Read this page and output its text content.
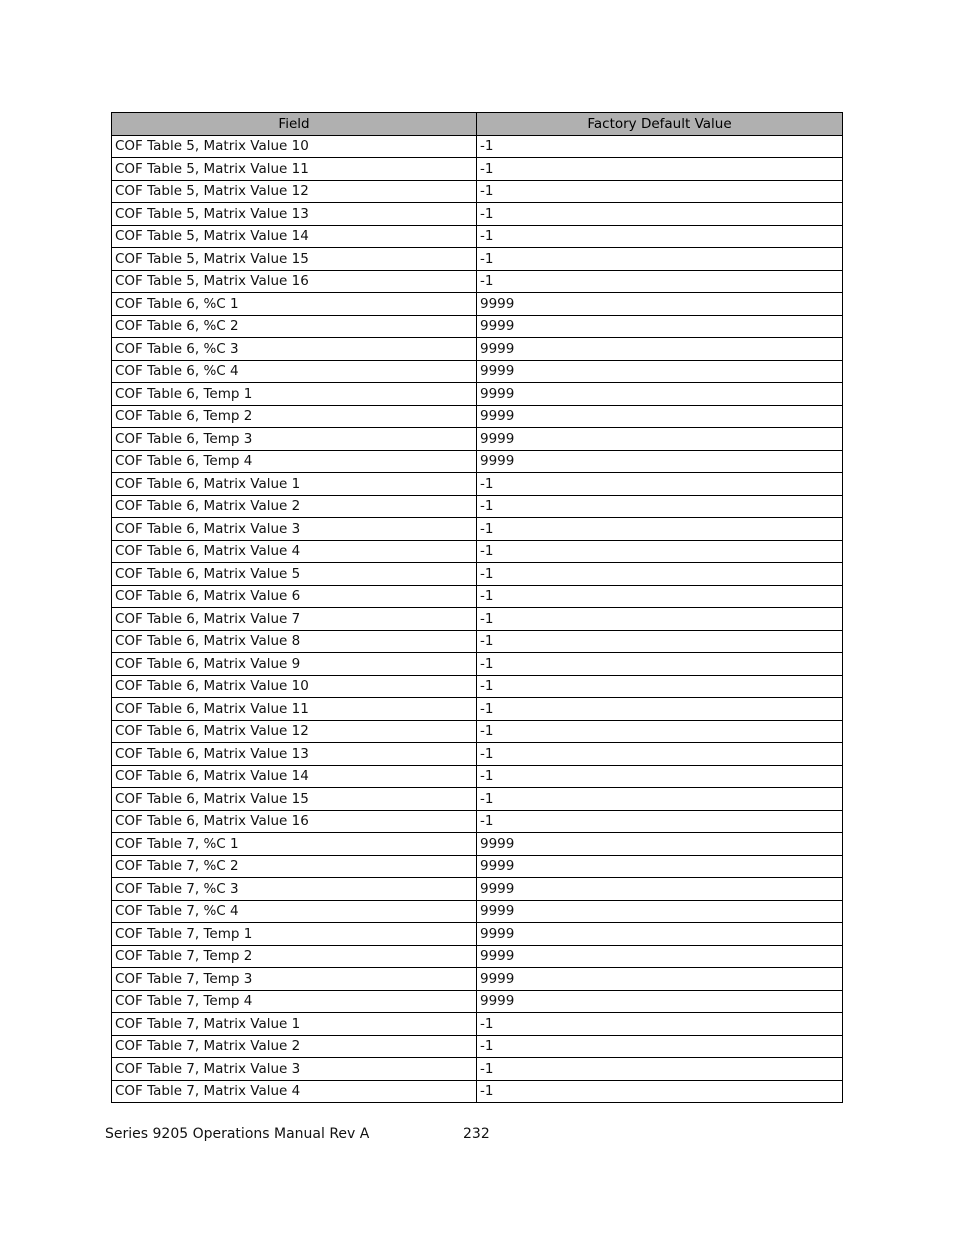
Field	Factory Default Value
COF Table 5, Matrix Value 10	-1
COF Table 5, Matrix Value 11	-1
COF Table 5, Matrix Value 12	-1
COF Table 5, Matrix Value 13	-1
COF Table 5, Matrix Value 14	-1
COF Table 5, Matrix Value 15	-1
COF Table 5, Matrix Value 16	-1
COF Table 6, %C 1	9999
COF Table 6, %C 2	9999
COF Table 6, %C 3	9999
COF Table 6, %C 4	9999
COF Table 6, Temp 1	9999
COF Table 6, Temp 2	9999
COF Table 6, Temp 3	9999
COF Table 6, Temp 4	9999
COF Table 6, Matrix Value 1	-1
COF Table 6, Matrix Value 2	-1
COF Table 6, Matrix Value 3	-1
COF Table 6, Matrix Value 4	-1
COF Table 6, Matrix Value 5	-1
COF Table 6, Matrix Value 6	-1
COF Table 6, Matrix Value 7	-1
COF Table 6, Matrix Value 8	-1
COF Table 6, Matrix Value 9	-1
COF Table 6, Matrix Value 10	-1
COF Table 6, Matrix Value 11	-1
COF Table 6, Matrix Value 12	-1
COF Table 6, Matrix Value 13	-1
COF Table 6, Matrix Value 14	-1
COF Table 6, Matrix Value 15	-1
COF Table 6, Matrix Value 16	-1
COF Table 7, %C 1	9999
COF Table 7, %C 2	9999
COF Table 7, %C 3	9999
COF Table 7, %C 4	9999
COF Table 7, Temp 1	9999
COF Table 7, Temp 2	9999
COF Table 7, Temp 3	9999
COF Table 7, Temp 4	9999
COF Table 7, Matrix Value 1	-1
COF Table 7, Matrix Value 2	-1
COF Table 7, Matrix Value 3	-1
COF Table 7, Matrix Value 4	-1
Series 9205 Operations Manual Rev A	232
